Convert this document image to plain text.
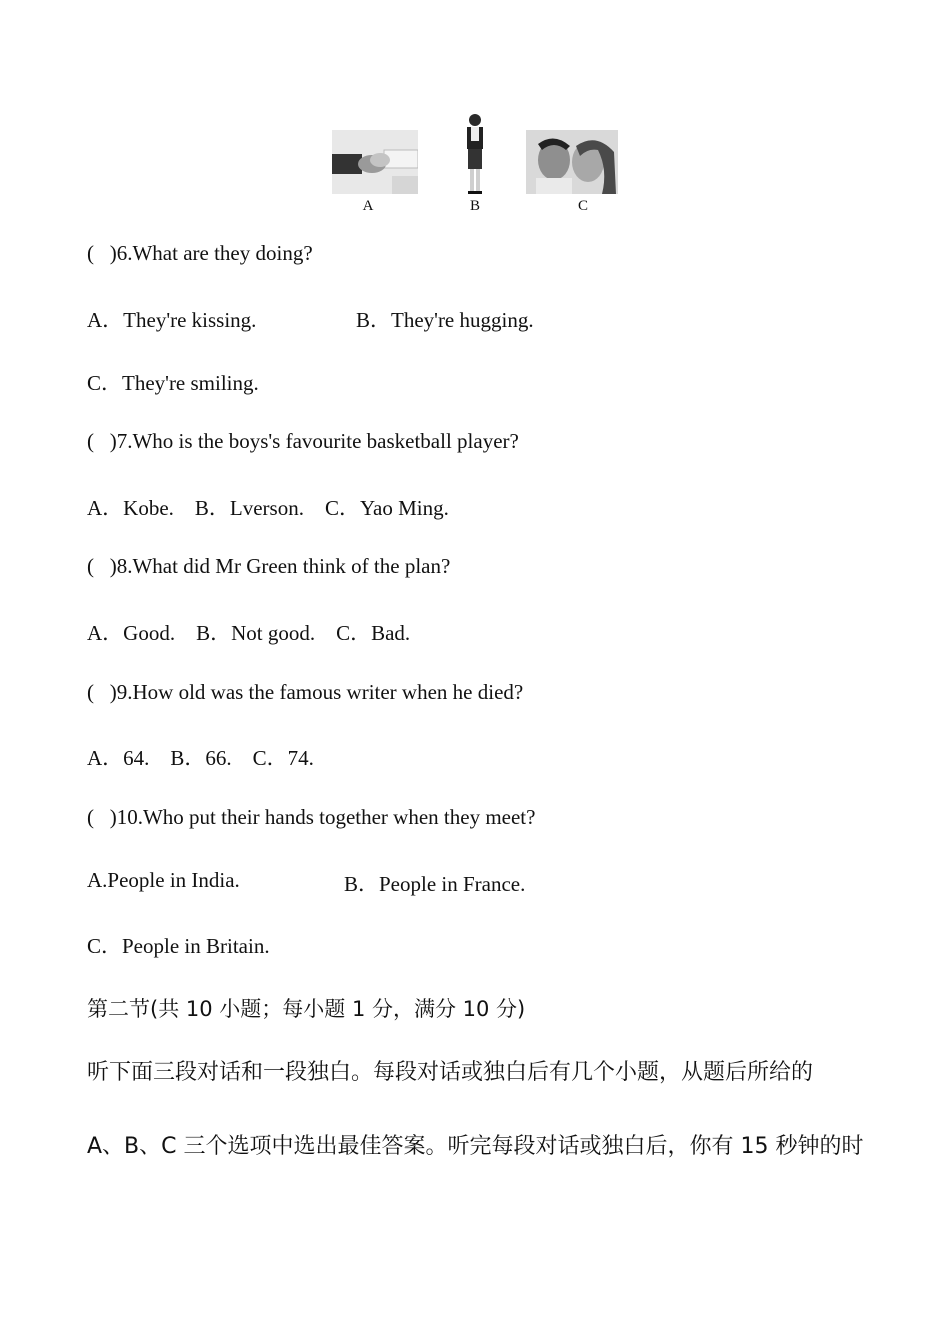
A	B	C
(   )6.What are they doing?
A．They're kissing.	B．They're hugging.
C．They're smiling.
(   )7.Who is the boys's favourite basketball player?
A．Kobe.    B．Lverson.    C．Yao Ming.
(   )8.What did Mr Green think of the plan?
A．Good.    B．Not good.    C．Bad.
(   )9.How old was the famous writer when he died?
A．64.    B．66.    C．74.
(   )10.Who put their hands together when they meet?
A.People in India.	B．People in France.
C．People in Britain.
第二节(共 10 小题；每小题 1 分，满分 10 分)
听下面三段对话和一段独白。每段对话或独白后有几个小题，从题后所给的
A、B、C 三个选项中选出最佳答案。听完每段对话或独白后，你有 15 秒钟的时
